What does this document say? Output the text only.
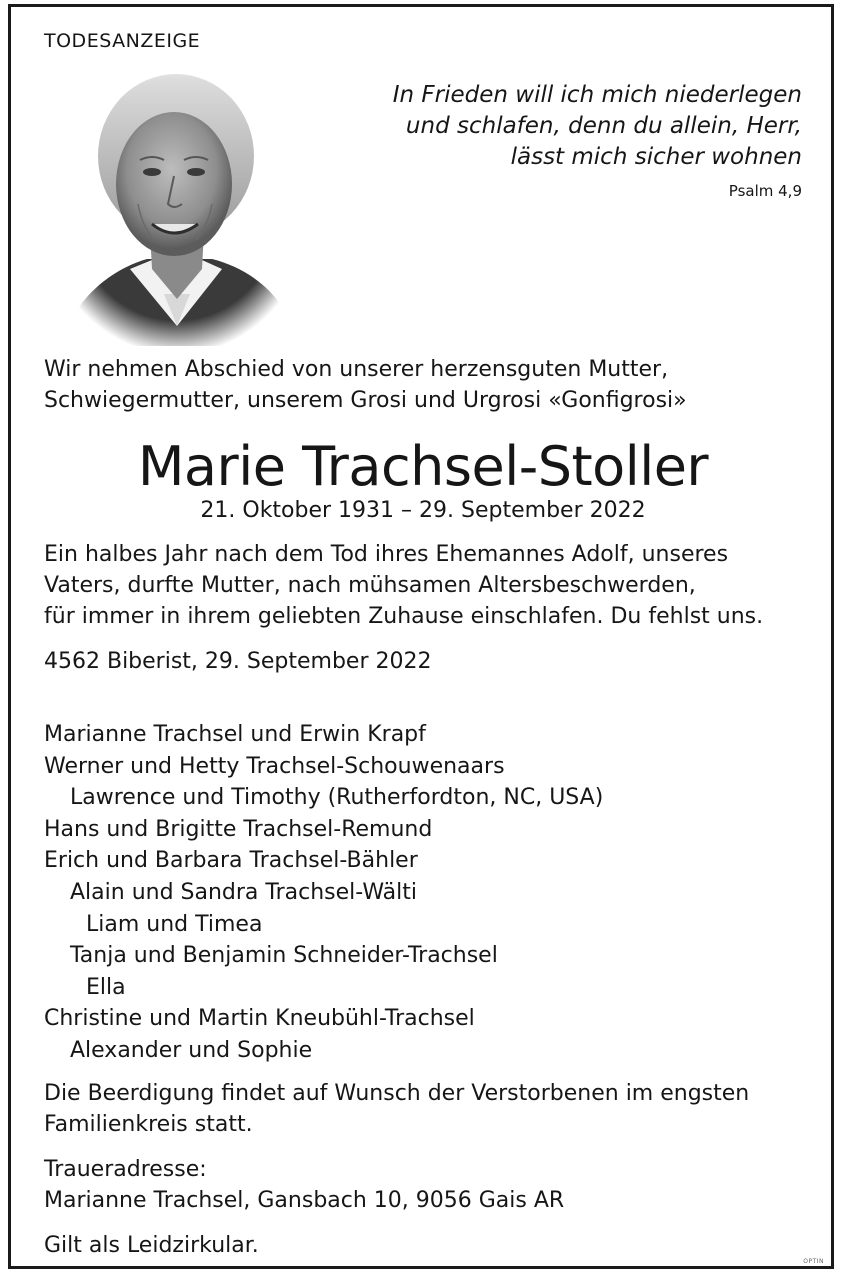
TODESANZEIGE
In Frieden will ich mich niederlegen
und schlafen, denn du allein, Herr,
lässt mich sicher wohnen
Psalm 4,9
Wir nehmen Abschied von unserer herzensguten Mutter,
Schwiegermutter, unserem Grosi und Urgrosi «Gonfigrosi»
Marie Trachsel-Stoller
21. Oktober 1931 – 29. September 2022
Ein halbes Jahr nach dem Tod ihres Ehemannes Adolf, unseres
Vaters, durfte Mutter, nach mühsamen Altersbeschwerden,
für immer in ihrem geliebten Zuhause einschlafen. Du fehlst uns.
4562 Biberist, 29. September 2022
Marianne Trachsel und Erwin Krapf
Werner und Hetty Trachsel-Schouwenaars
Lawrence und Timothy (Rutherfordton, NC, USA)
Hans und Brigitte Trachsel-Remund
Erich und Barbara Trachsel-Bähler
Alain und Sandra Trachsel-Wälti
Liam und Timea
Tanja und Benjamin Schneider-Trachsel
Ella
Christine und Martin Kneubühl-Trachsel
Alexander und Sophie
Die Beerdigung findet auf Wunsch der Verstorbenen im engsten
Familienkreis statt.
Traueradresse:
Marianne Trachsel, Gansbach 10, 9056 Gais AR
Gilt als Leidzirkular.
OPTIN
